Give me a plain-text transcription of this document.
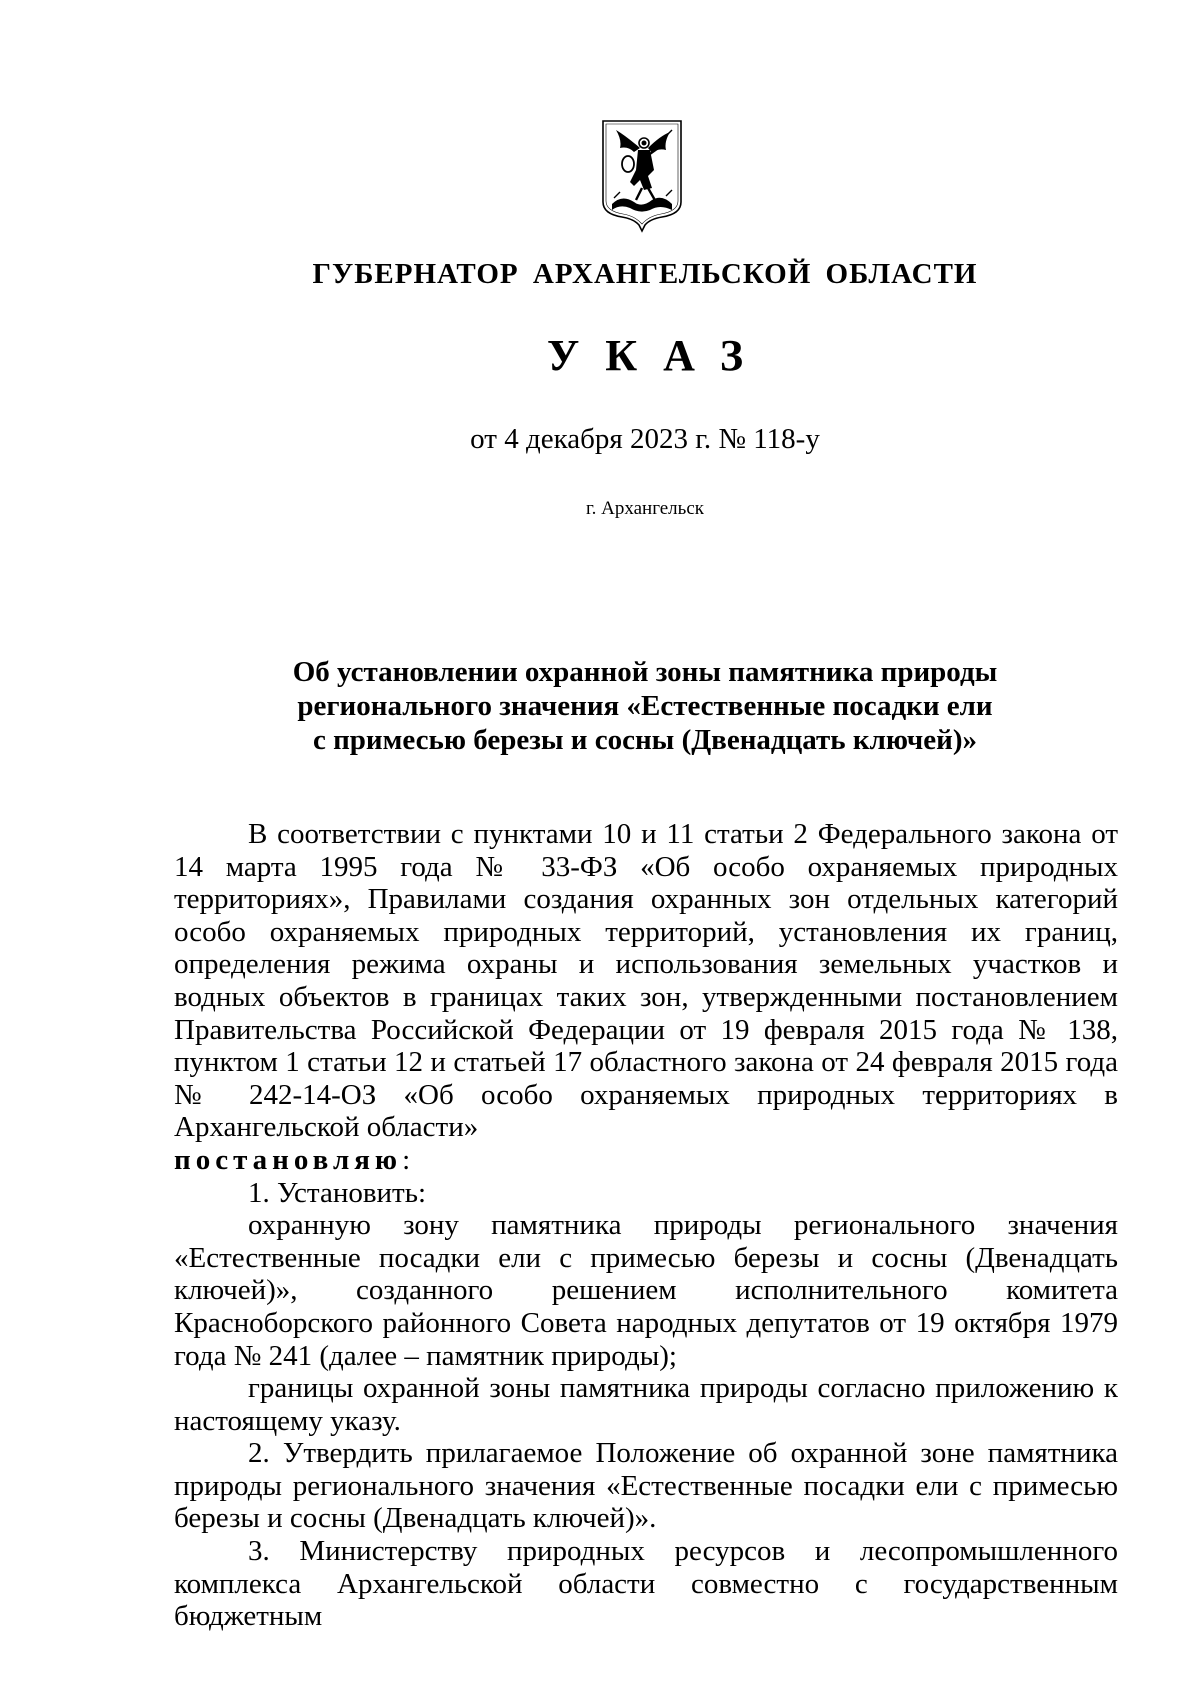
ГУБЕРНАТОР АРХАНГЕЛЬСКОЙ ОБЛАСТИ
УКАЗ
от 4 декабря 2023 г. № 118-у
г. Архангельск
Об установлении охранной зоны памятника природы
регионального значения «Естественные посадки ели
с примесью березы и сосны (Двенадцать ключей)»

В соответствии с пунктами 10 и 11 статьи 2 Федерального закона от 14 марта 1995 года № 33-ФЗ «Об особо охраняемых природных территориях», Правилами создания охранных зон отдельных категорий особо охраняемых природных территорий, установления их границ, определения режима охраны и использования земельных участков и водных объектов в границах таких зон, утвержденными постановлением Правительства Российской Федерации от 19 февраля 2015 года № 138, пунктом 1 статьи 12 и статьей 17 областного закона от 24 февраля 2015 года № 242-14-ОЗ «Об особо охраняемых природных территориях в Архангельской области»

постановляю:

1. Установить:

охранную зону памятника природы регионального значения «Естественные посадки ели с примесью березы и сосны (Двенадцать ключей)», созданного решением исполнительного комитета Красноборского районного Совета народных депутатов от 19 октября 1979 года № 241 (далее – памятник природы);

границы охранной зоны памятника природы согласно приложению к настоящему указу.

2. Утвердить прилагаемое Положение об охранной зоне памятника природы регионального значения «Естественные посадки ели с примесью березы и сосны (Двенадцать ключей)».

3. Министерству природных ресурсов и лесопромышленного комплекса Архангельской области совместно с государственным бюджетным
